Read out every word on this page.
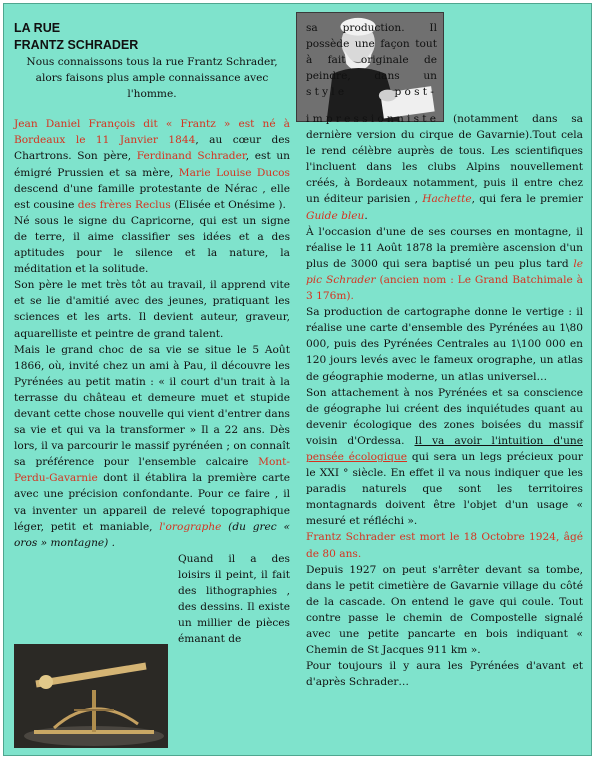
LA RUE
FRANTZ SCHRADER

Nous connaissons tous la rue Frantz Schrader, alors faisons plus ample connaissance avec l'homme.

Jean Daniel François dit « Frantz » est né à Bordeaux le 11 Janvier 1844, au cœur des Chartrons. Son père, Ferdinand Schrader, est un émigré Prussien et sa mère, Marie Louise Ducos descend d'une famille protestante de Nérac , elle est cousine des frères Reclus (Elisée et Onésime ).

Né sous le signe du Capricorne, qui est un signe de terre, il aime classifier ses idées et a des aptitudes pour le silence et la nature, la méditation et la solitude.

Son père le met très tôt au travail, il apprend vite et se lie d'amitié avec des jeunes, pratiquant les sciences et les arts. Il devient auteur, graveur, aquarelliste et peintre de grand talent.

Mais le grand choc de sa vie se situe le 5 Août 1866, où, invité chez un ami à Pau, il découvre les Pyrénées au petit matin : « il court d'un trait à la terrasse du château et demeure muet et stupide devant cette chose nouvelle qui vient d'entrer dans sa vie et qui va la transformer » Il a 22 ans. Dès lors, il va parcourir le massif pyrénéen ; on connaît sa préférence pour l'ensemble calcaire Mont-Perdu-Gavarnie dont il établira la première carte avec une précision confondante. Pour ce faire , il va inventer un appareil de relevé topographique léger, petit et maniable, l'orographe (du grec « oros » montagne) .

Quand il a des loisirs il peint, il fait des lithographies , des dessins. Il existe un millier de pièces émanant de

sa production. Il possède une façon tout à fait originale de peindre, dans un style post-impressionniste (notamment dans sa dernière version du cirque de Gavarnie).Tout cela le rend célèbre auprès de tous. Les scientifiques l'incluent dans les clubs Alpins nouvellement créés, à Bordeaux notamment, puis il entre chez un éditeur parisien , Hachette, qui fera le premier Guide bleu.

À l'occasion d'une de ses courses en montagne, il réalise le 11 Août 1878 la première ascension d'un plus de 3000 qui sera baptisé un peu plus tard le pic Schrader (ancien nom : Le Grand Batchimale à 3 176m).

Sa production de cartographe donne le vertige : il réalise une carte d'ensemble des Pyrénées au 1\80 000, puis des Pyrénées Centrales au 1\100 000 en 120 jours levés avec le fameux orographe, un atlas de géographie moderne, un atlas universel…

Son attachement à nos Pyrénées et sa conscience de géographe lui créent des inquiétudes quant au devenir écologique des zones boisées du massif voisin d'Ordessa. Il va avoir l'intuition d'une pensée écologique qui sera un legs précieux pour le XXI ° siècle. En effet il va nous indiquer que les paradis naturels que sont les territoires montagnards doivent être l'objet d'un usage « mesuré et réfléchi ».

Frantz Schrader est mort le 18 Octobre 1924, âgé de 80 ans.

Depuis 1927 on peut s'arrêter devant sa tombe, dans le petit cimetière de Gavarnie village du côté de la cascade. On entend le gave qui coule. Tout contre passe le chemin de Compostelle signalé avec une petite pancarte en bois indiquant « Chemin de St Jacques 911 km ».

Pour toujours il y aura les Pyrénées d'avant et d'après Schrader…
